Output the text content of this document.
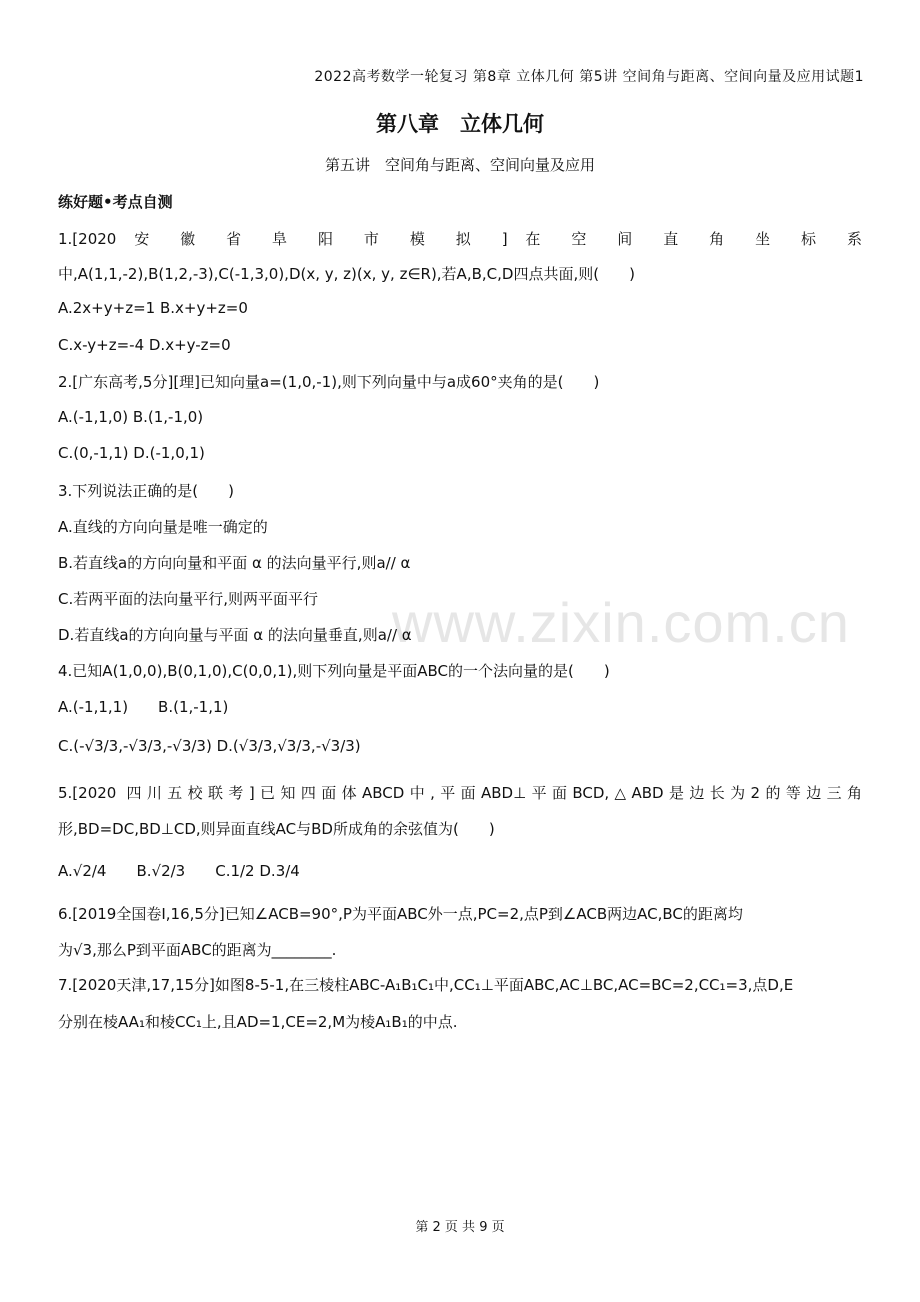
www.zixin.com.cn
2022高考数学一轮复习 第8章 立体几何 第5讲 空间角与距离、空间向量及应用试题1
第八章　立体几何
第五讲　空间角与距离、空间向量及应用
练好题•考点自测
1.[2020 安 徽 省 阜 阳 市 模 拟 ] 在 空 间 直 角 坐 标 系
中,A(1,1,-2),B(1,2,-3),C(-1,3,0),D(x, y, z)(x, y, z∈R),若A,B,C,D四点共面,则(　　)
A.2x+y+z=1 B.x+y+z=0
C.x-y+z=-4 D.x+y-z=0
2.[广东高考,5分][理]已知向量a=(1,0,-1),则下列向量中与a成60°夹角的是(　　)
A.(-1,1,0) B.(1,-1,0)
C.(0,-1,1) D.(-1,0,1)
3.下列说法正确的是(　　)
A.直线的方向向量是唯一确定的
B.若直线a的方向向量和平面 α 的法向量平行,则a// α
C.若两平面的法向量平行,则两平面平行
D.若直线a的方向向量与平面 α 的法向量垂直,则a// α
4.已知A(1,0,0),B(0,1,0),C(0,0,1),则下列向量是平面ABC的一个法向量的是(　　)
A.(-1,1,1)　　B.(1,-1,1)
C.(-√3/3,-√3/3,-√3/3) D.(√3/3,√3/3,-√3/3)
5.[2020 四川五校联考]已知四面体ABCD中,平面ABD⊥平面BCD,△ABD是边长为2的等边三角
形,BD=DC,BD⊥CD,则异面直线AC与BD所成角的余弦值为(　　)
A.√2/4　　B.√2/3　　C.1/2 D.3/4
6.[2019全国卷Ⅰ,16,5分]已知∠ACB=90°,P为平面ABC外一点,PC=2,点P到∠ACB两边AC,BC的距离均
为√3,那么P到平面ABC的距离为________.
7.[2020天津,17,15分]如图8-5-1,在三棱柱ABC-A₁B₁C₁中,CC₁⊥平面ABC,AC⊥BC,AC=BC=2,CC₁=3,点D,E
分别在棱AA₁和棱CC₁上,且AD=1,CE=2,M为棱A₁B₁的中点.
第 2 页 共 9 页
